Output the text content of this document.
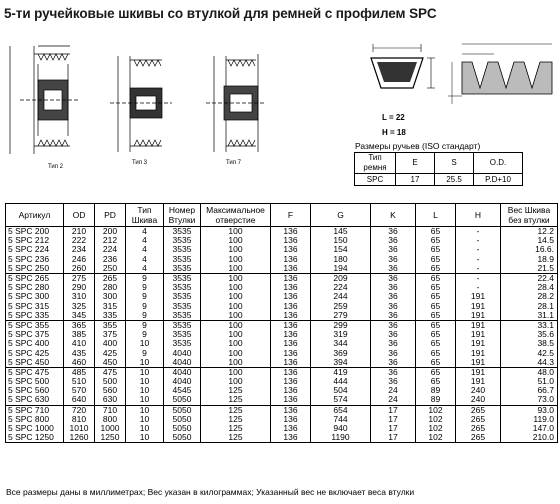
5-ти ручейковые шкивы со втулкой для ремней с профилем SPC
Тип 2
Тип 3	Тип 7
L = 22
H = 18
Размеры ручьев (ISO стандарт)
Тип ремня	E	S	O.D.
SPC	17	25.5	P.D+10
Артикул	OD	PD	Тип Шкива	Номер Втулки	Максимальное отверстие	F	G	K	L	H	Вес Шкива без втулки
5 SPC 200	210	200	4	3535	100	136	145	36	65	-	12.2
5 SPC 212	222	212	4	3535	100	136	150	36	65	-	14.5
5 SPC 224	234	224	4	3535	100	136	154	36	65	-	16.6.
5 SPC 236	246	236	4	3535	100	136	180	36	65	-	18.9
5 SPC 250	260	250	4	3535	100	136	194	36	65	-	21.5
5 SPC 265	275	265	9	3535	100	136	209	36	65	-	22.4
5 SPC 280	290	280	9	3535	100	136	224	36	65	-	28.4
5 SPC 300	310	300	9	3535	100	136	244	36	65	191	28.2
5 SPC 315	325	315	9	3535	100	136	259	36	65	191	28.1
5 SPC 335	345	335	9	3535	100	136	279	36	65	191	31.1
5 SPC 355	365	355	9	3535	100	136	299	36	65	191	33.1
5 SPC 375	385	375	9	3535	100	136	319	36	65	191	35.6
5 SPC 400	410	400	10	3535	100	136	344	36	65	191	38.5
5 SPC 425	435	425	9	4040	100	136	369	36	65	191	42.5
5 SPC 450	460	450	10	4040	100	136	394	36	65	191	44.3
5 SPC 475	485	475	10	4040	100	136	419	36	65	191	48.0
5 SPC 500	510	500	10	4040	100	136	444	36	65	191	51.0
5 SPC 560	570	560	10	4545	125	136	504	24	89	240	66.7
5 SPC 630	640	630	10	5050	125	136	574	24	89	240	73.0
5 SPC 710	720	710	10	5050	125	136	654	17	102	265	93.0
5 SPC 800	810	800	10	5050	125	136	744	17	102	265	119.0
5 SPC 1000	1010	1000	10	5050	125	136	940	17	102	265	147.0
5 SPC 1250	1260	1250	10	5050	125	136	1190	17	102	265	210.0
Все размеры даны в миллиметрах; Вес указан в килограммах; Указанный вес не включает веса втулки
